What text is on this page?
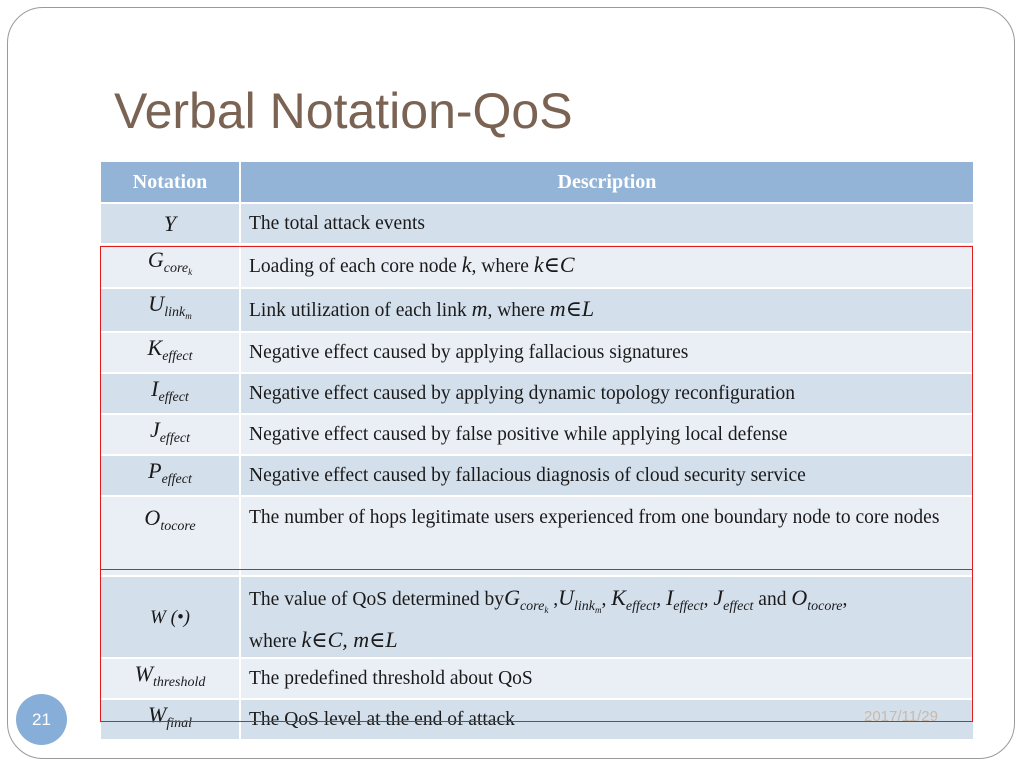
Verbal Notation-QoS
Notation	Description
Y	The total attack events
$G_{core_k}$	Loading of each core node k, where k∈C
$U_{link_m}$	Link utilization of each link m, where m∈L
$K_{effect}$	Negative effect caused by applying fallacious signatures
$I_{effect}$	Negative effect caused by applying dynamic topology reconfiguration
$J_{effect}$	Negative effect caused by false positive while applying local defense
$P_{effect}$	Negative effect caused by fallacious diagnosis of cloud security service
$O_{tocore}$	The number of hops legitimate users experienced from one boundary node to core nodes
W (•)	The value of QoS determined byG$_{core_k}$ $,U_{link_m}$, $K_{effect}$, $I_{effect}$, $J_{effect}$ and $O_{tocore}$,
where k∈C, m∈L
$W_{threshold}$	The predefined threshold about QoS
$W_{final}$	The QoS level at the end of attack	2017/11/29
21
